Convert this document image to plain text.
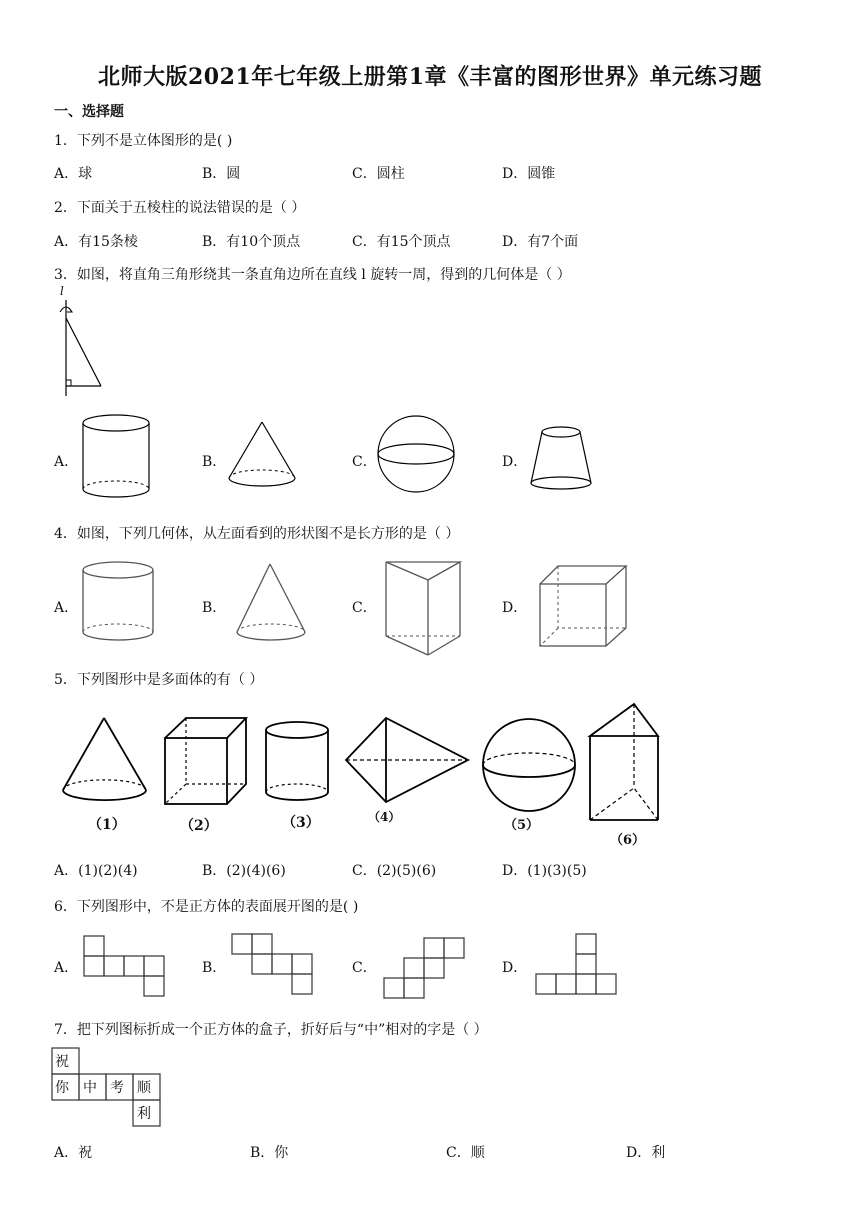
北师大版2021年七年级上册第1章《丰富的图形世界》单元练习题
一、选择题
1．下列不是立体图形的是( )
A．球	B．圆	C．圆柱	D．圆锥
2．下面关于五棱柱的说法错误的是（ ）
A．有15条棱	B．有10个顶点	C．有15个顶点	D．有7个面
3．如图，将直角三角形绕其一条直角边所在直线 l 旋转一周，得到的几何体是（ ）
l
A．	B．	C．	D．
4．如图，下列几何体，从左面看到的形状图不是长方形的是（ ）
A．	B．	C．	D．
5．下列图形中是多面体的有（ ）
（1）	（2）	（3）	（4）
（5）
（6）
A．(1)(2)(4)	B．(2)(4)(6)	C．(2)(5)(6)	D．(1)(3)(5)
6．下列图形中，不是正方体的表面展开图的是( )
A．	B．	C．	D．
7．把下列图标折成一个正方体的盒子，折好后与“中”相对的字是（ ）
祝
你 中 考 顺
利
A．祝	B．你	C．顺	D．利
